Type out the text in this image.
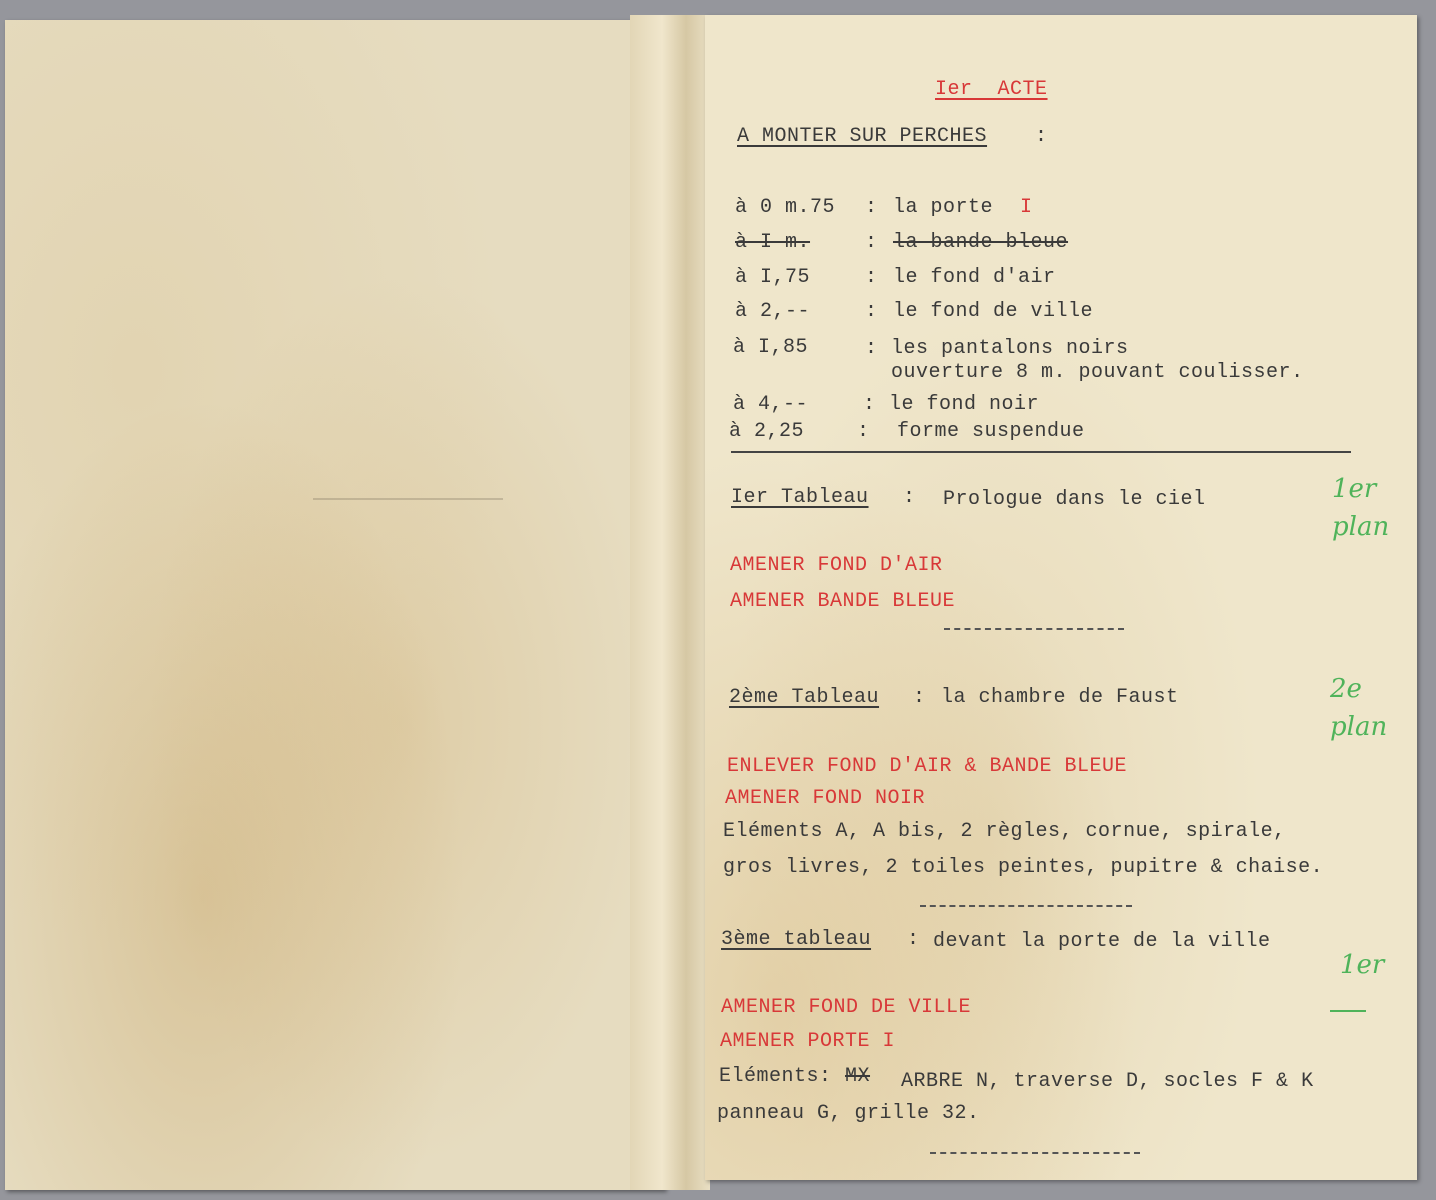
Ier  ACTE
A MONTER SUR PERCHES :
à 0 m.75 : la porte I
à I m.	: la bande bleue
à I,75	: le fond d'air
à 2,--	: le fond de ville
à I,85	: les pantalons noirs
ouverture 8 m. pouvant coulisser.
à 4,--	: le fond noir
à 2,25	: forme suspendue
Ier Tableau : Prologue dans le ciel
AMENER FOND D'AIR
AMENER BANDE BLEUE
1er plan
2ème Tableau : la chambre de Faust
ENLEVER FOND D'AIR & BANDE BLEUE
AMENER FOND NOIR
Eléments A, A bis, 2 règles, cornue, spirale,
gros livres, 2 toiles peintes, pupitre & chaise.
2e plan
3ème tableau : devant la porte de la ville
AMENER FOND DE VILLE
AMENER PORTE I
Eléments: MX ARBRE N, traverse D, socles F & K
panneau G, grille 32.
1er
